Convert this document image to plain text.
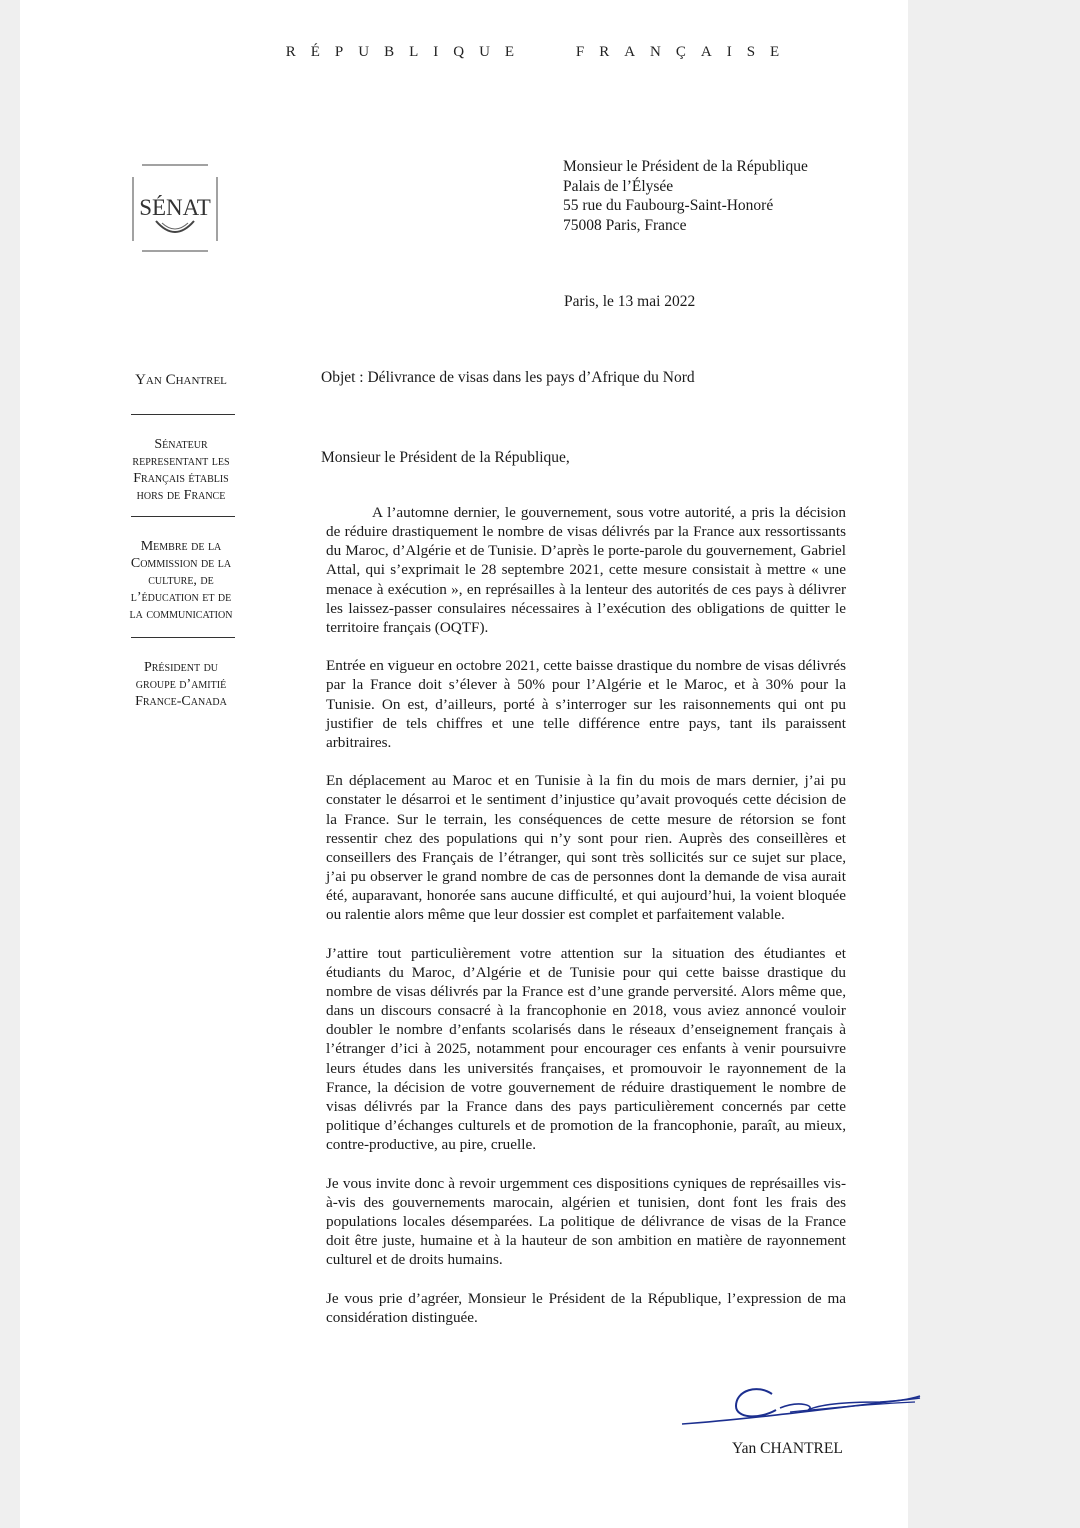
RÉPUBLIQUE	FRANÇAISE
SÉNAT
Monsieur le Président de la République
Palais de l’Élysée
55 rue du Faubourg-Saint-Honoré
75008 Paris, France
Paris, le 13 mai 2022
Yan Chantrel
Sénateur
representant les
Français établis
hors de France
Membre de la
Commission de la
culture, de
l’éducation et de
la communication
Président du
groupe d’amitié
France-Canada
Objet : Délivrance de visas dans les pays d’Afrique du Nord
Monsieur le Président de la République,

A l’automne dernier, le gouvernement, sous votre autorité, a pris la décision de réduire drastiquement le nombre de visas délivrés par la France aux ressortissants du Maroc, d’Algérie et de Tunisie. D’après le porte-parole du gouvernement, Gabriel Attal, qui s’exprimait le 28 septembre 2021, cette mesure consistait à mettre « une menace à exécution », en représailles à la lenteur des autorités de ces pays à délivrer les laissez-passer consulaires nécessaires à l’exécution des obligations de quitter le territoire français (OQTF).

Entrée en vigueur en octobre 2021, cette baisse drastique du nombre de visas délivrés par la France doit s’élever à 50% pour l’Algérie et le Maroc, et à 30% pour la Tunisie. On est, d’ailleurs, porté à s’interroger sur les raisonnements qui ont pu justifier de tels chiffres et une telle différence entre pays, tant ils paraissent arbitraires.

En déplacement au Maroc et en Tunisie à la fin du mois de mars dernier, j’ai pu constater le désarroi et le sentiment d’injustice qu’avait provoqués cette décision de la France. Sur le terrain, les conséquences de cette mesure de rétorsion se font ressentir chez des populations qui n’y sont pour rien. Auprès des conseillères et conseillers des Français de l’étranger, qui sont très sollicités sur ce sujet sur place, j’ai pu observer le grand nombre de cas de personnes dont la demande de visa aurait été, auparavant, honorée sans aucune difficulté, et qui aujourd’hui, la voient bloquée ou ralentie alors même que leur dossier est complet et parfaitement valable.

J’attire tout particulièrement votre attention sur la situation des étudiantes et étudiants du Maroc, d’Algérie et de Tunisie pour qui cette baisse drastique du nombre de visas délivrés par la France est d’une grande perversité. Alors même que, dans un discours consacré à la francophonie en 2018, vous aviez annoncé vouloir doubler le nombre d’enfants scolarisés dans le réseaux d’enseignement français à l’étranger d’ici à 2025, notamment pour encourager ces enfants à venir poursuivre leurs études dans les universités françaises, et promouvoir le rayonnement de la France, la décision de votre gouvernement de réduire drastiquement le nombre de visas délivrés par la France dans des pays particulièrement concernés par cette politique d’échanges culturels et de promotion de la francophonie, paraît, au mieux, contre-productive, au pire, cruelle.

Je vous invite donc à revoir urgemment ces dispositions cyniques de représailles vis-à-vis des gouvernements marocain, algérien et tunisien, dont font les frais des populations locales désemparées. La politique de délivrance de visas de la France doit être juste, humaine et à la hauteur de son ambition en matière de rayonnement culturel et de droits humains.

Je vous prie d’agréer, Monsieur le Président de la République, l’expression de ma considération distinguée.

Yan CHANTREL
